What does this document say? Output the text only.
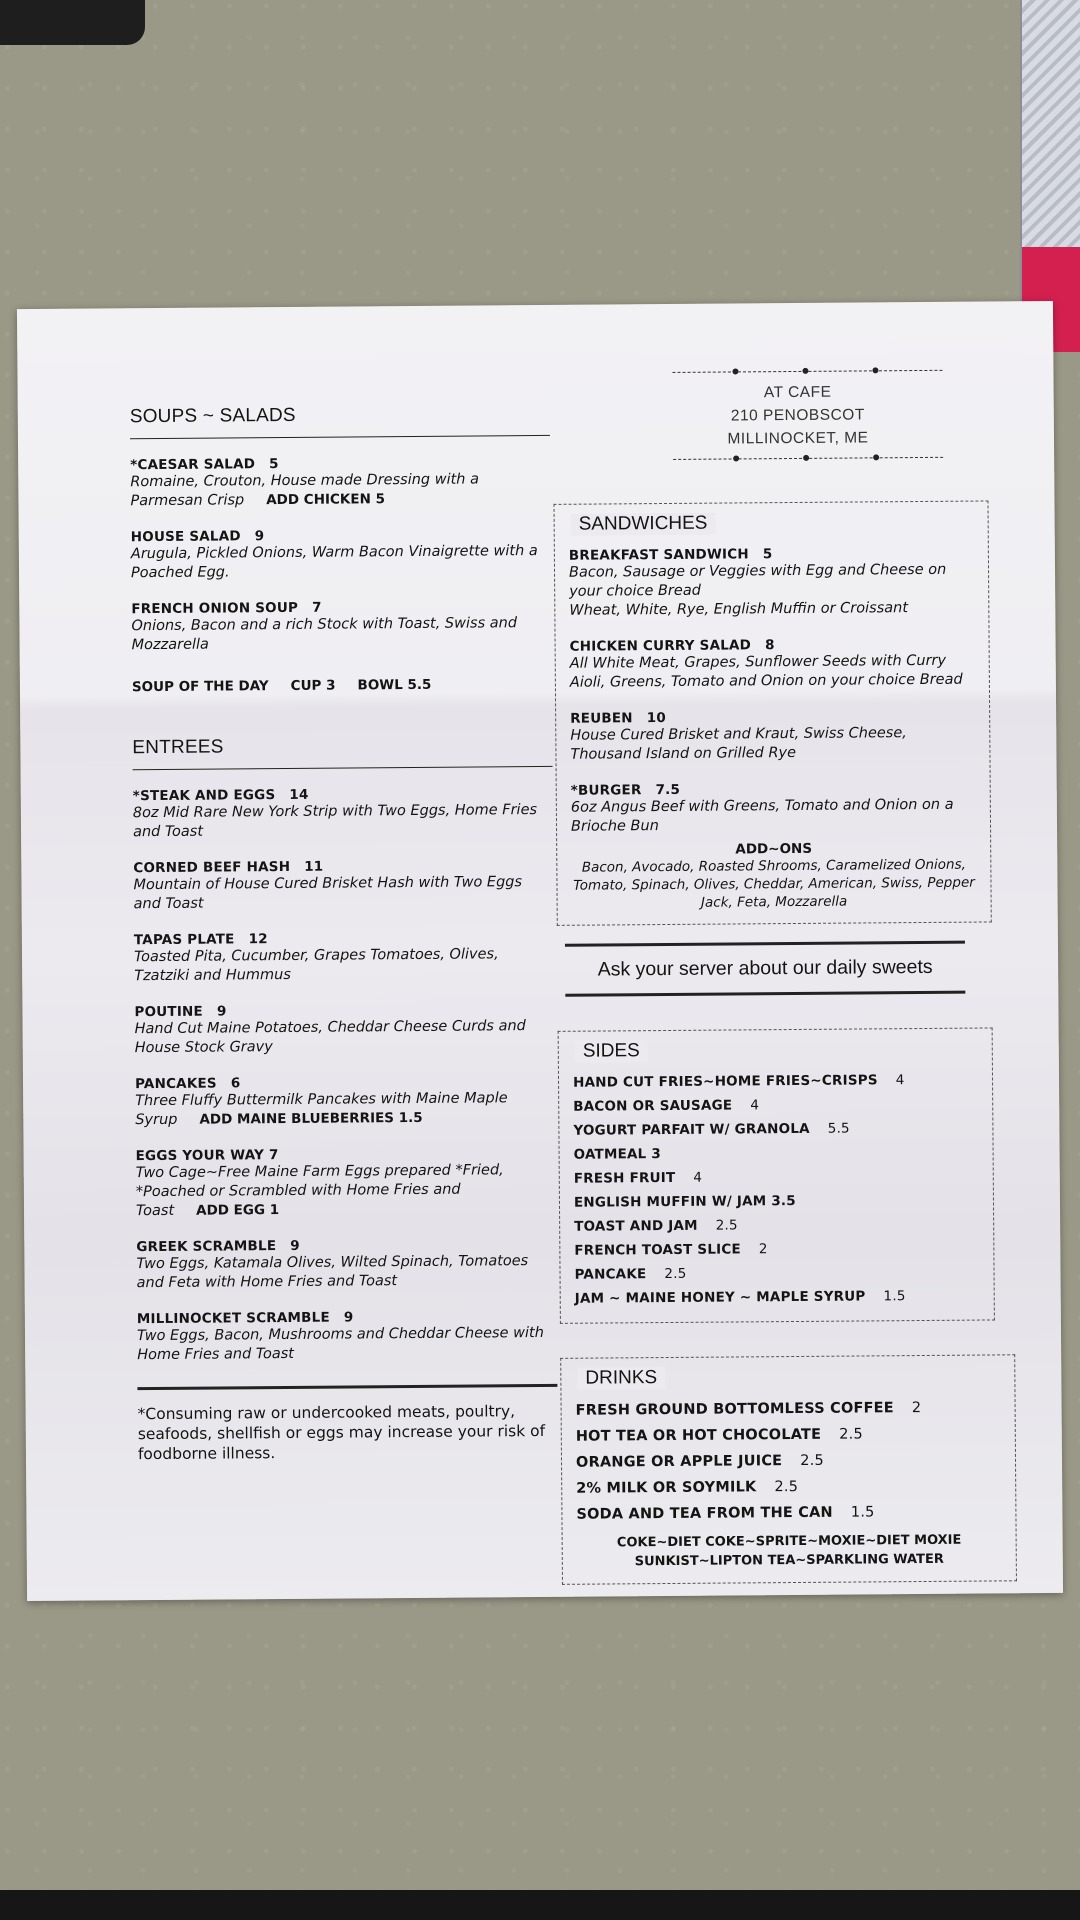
SOUPS ~ SALADS
*CAESAR SALAD 5
Romaine, Crouton, House made Dressing with a Parmesan Crisp ADD CHICKEN 5
HOUSE SALAD 9
Arugula, Pickled Onions, Warm Bacon Vinaigrette with a Poached Egg.
FRENCH ONION SOUP 7
Onions, Bacon and a rich Stock with Toast, Swiss and Mozzarella
SOUP OF THE DAY CUP 3 BOWL 5.5
ENTREES
*STEAK AND EGGS 14
8oz Mid Rare New York Strip with Two Eggs, Home Fries and Toast
CORNED BEEF HASH 11
Mountain of House Cured Brisket Hash with Two Eggs and Toast
TAPAS PLATE 12
Toasted Pita, Cucumber, Grapes Tomatoes, Olives, Tzatziki and Hummus
POUTINE 9
Hand Cut Maine Potatoes, Cheddar Cheese Curds and House Stock Gravy
PANCAKES 6
Three Fluffy Buttermilk Pancakes with Maine Maple Syrup ADD MAINE BLUEBERRIES 1.5
EGGS YOUR WAY 7
Two Cage~Free Maine Farm Eggs prepared *Fried, *Poached or Scrambled with Home Fries and Toast ADD EGG 1
GREEK SCRAMBLE 9
Two Eggs, Katamala Olives, Wilted Spinach, Tomatoes and Feta with Home Fries and Toast
MILLINOCKET SCRAMBLE 9
Two Eggs, Bacon, Mushrooms and Cheddar Cheese with Home Fries and Toast
*Consuming raw or undercooked meats, poultry, seafoods, shellfish or eggs may increase your risk of foodborne illness.
AT CAFE
210 PENOBSCOT
MILLINOCKET, ME
SANDWICHES
BREAKFAST SANDWICH 5
Bacon, Sausage or Veggies with Egg and Cheese on your choice Bread
Wheat, White, Rye, English Muffin or Croissant
CHICKEN CURRY SALAD 8
All White Meat, Grapes, Sunflower Seeds with Curry Aioli, Greens, Tomato and Onion on your choice Bread
REUBEN 10
House Cured Brisket and Kraut, Swiss Cheese, Thousand Island on Grilled Rye
*BURGER 7.5
6oz Angus Beef with Greens, Tomato and Onion on a Brioche Bun
ADD~ONS
Bacon, Avocado, Roasted Shrooms, Caramelized Onions, Tomato, Spinach, Olives, Cheddar, American, Swiss, Pepper Jack, Feta, Mozzarella
Ask your server about our daily sweets
SIDES
HAND CUT FRIES~HOME FRIES~CRISPS 4
BACON OR SAUSAGE 4
YOGURT PARFAIT W/ GRANOLA 5.5
OATMEAL 3
FRESH FRUIT 4
ENGLISH MUFFIN W/ JAM 3.5
TOAST AND JAM 2.5
FRENCH TOAST SLICE 2
PANCAKE 2.5
JAM ~ MAINE HONEY ~ MAPLE SYRUP 1.5
DRINKS
FRESH GROUND BOTTOMLESS COFFEE 2
HOT TEA OR HOT CHOCOLATE 2.5
ORANGE OR APPLE JUICE 2.5
2% MILK OR SOYMILK 2.5
SODA AND TEA FROM THE CAN 1.5
COKE~DIET COKE~SPRITE~MOXIE~DIET MOXIE
SUNKIST~LIPTON TEA~SPARKLING WATER
